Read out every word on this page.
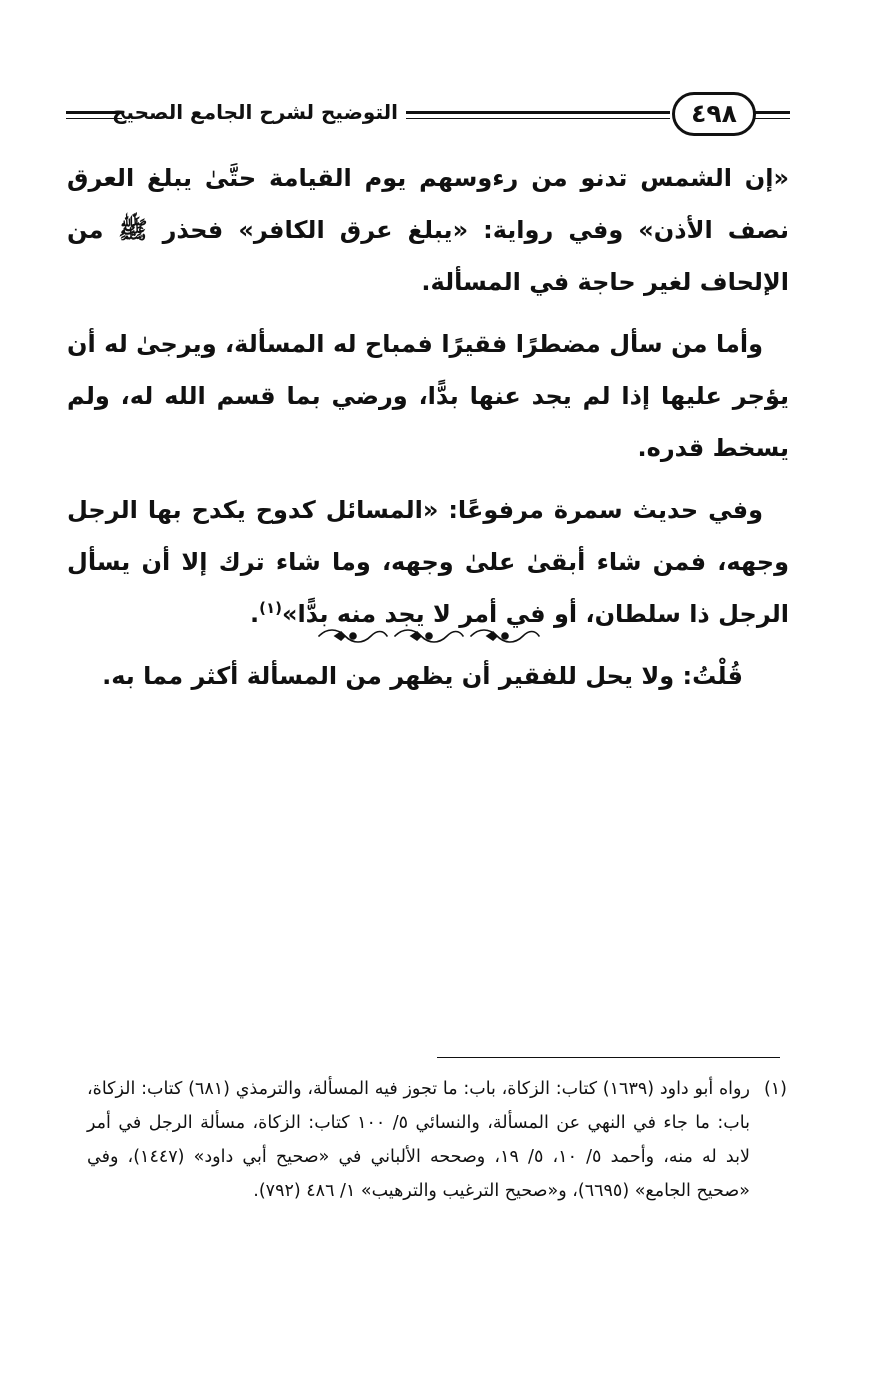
٤٩٨
التوضيح لشرح الجامع الصحيح

«إن الشمس تدنو من رءوسهم يوم القيامة حتَّىٰ يبلغ العرق نصف الأذن» وفي رواية: «يبلغ عرق الكافر» فحذر ﷺ من الإلحاف لغير حاجة في المسألة.

وأما من سأل مضطرًا فقيرًا فمباح له المسألة، ويرجىٰ له أن يؤجر عليها إذا لم يجد عنها بدًّا، ورضي بما قسم الله له، ولم يسخط قدره.

وفي حديث سمرة مرفوعًا: «المسائل كدوح يكدح بها الرجل وجهه، فمن شاء أبقىٰ علىٰ وجهه، وما شاء ترك إلا أن يسأل الرجل ذا سلطان، أو في أمر لا يجد منه بدًّا»$^{(١)}$.

قُلْتُ: ولا يحل للفقير أن يظهر من المسألة أكثر مما به.

(١)
رواه أبو داود (١٦٣٩) كتاب: الزكاة، باب: ما تجوز فيه المسألة، والترمذي (٦٨١) كتاب: الزكاة، باب: ما جاء في النهي عن المسألة، والنسائي ٥/ ١٠٠ كتاب: الزكاة، مسألة الرجل في أمر لابد له منه، وأحمد ٥/ ١٠، ٥/ ١٩، وصححه الألباني في «صحيح أبي داود» (١٤٤٧)، وفي «صحيح الجامع» (٦٦٩٥)، و«صحيح الترغيب والترهيب» ١/ ٤٨٦ (٧٩٢).
